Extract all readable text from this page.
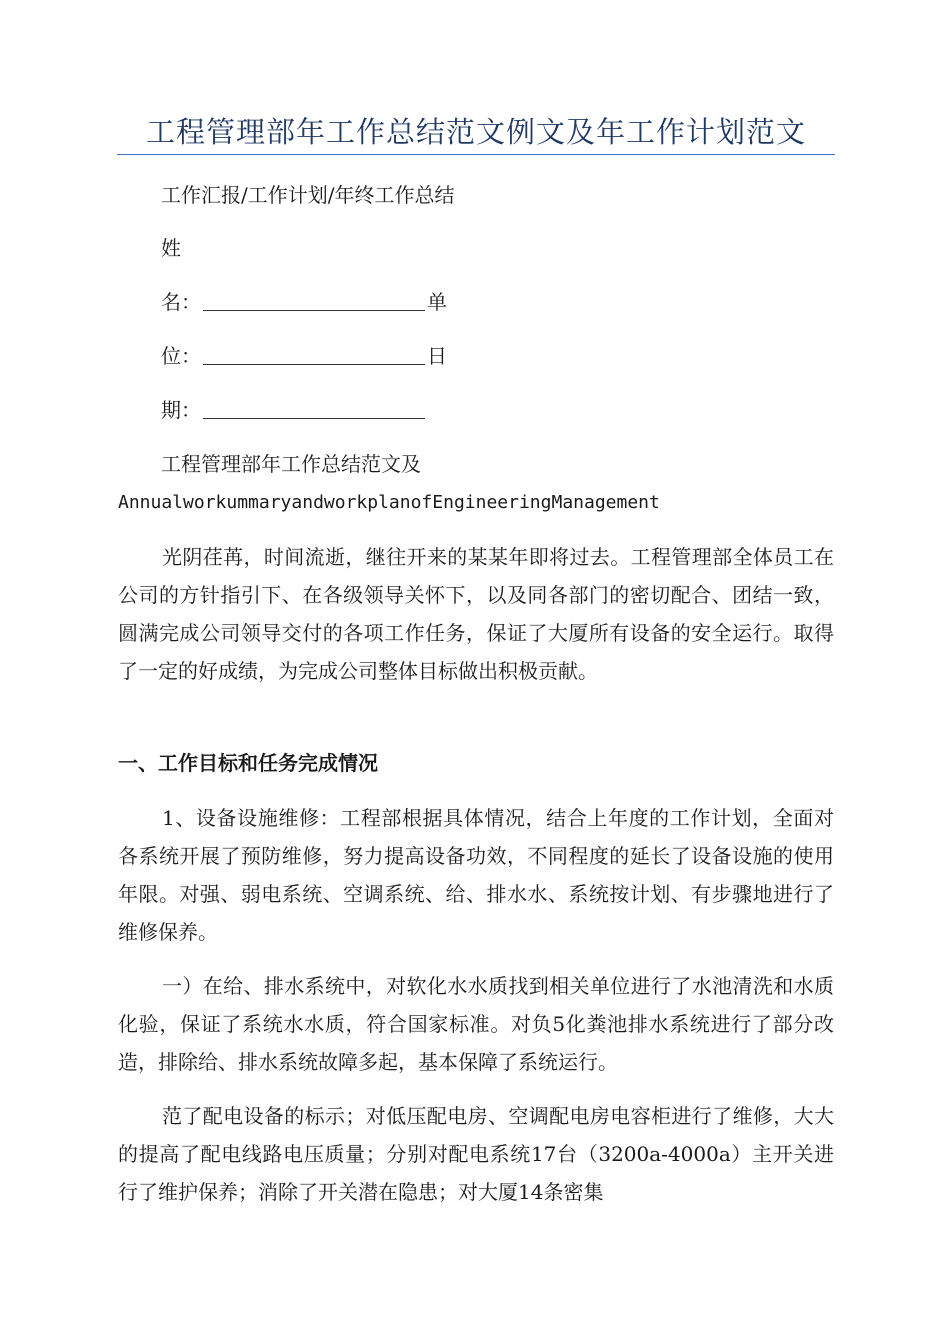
工程管理部年工作总结范文例文及年工作计划范文
工作汇报/工作计划/年终工作总结
姓
名：	单
位：	日
期：
工程管理部年工作总结范文及
AnnualworkummaryandworkplanofEngineeringManagement

光阴荏苒，时间流逝，继往开来的某某年即将过去。工程管理部全体员工在公司的方针指引下、在各级领导关怀下，以及同各部门的密切配合、团结一致，圆满完成公司领导交付的各项工作任务，保证了大厦所有设备的安全运行。取得了一定的好成绩，为完成公司整体目标做出积极贡献。

一、工作目标和任务完成情况

1、设备设施维修：工程部根据具体情况，结合上年度的工作计划，全面对各系统开展了预防维修，努力提高设备功效，不同程度的延长了设备设施的使用年限。对强、弱电系统、空调系统、给、排水水、系统按计划、有步骤地进行了维修保养。

一）在给、排水系统中，对软化水水质找到相关单位进行了水池清洗和水质化验，保证了系统水水质，符合国家标准。对负5化粪池排水系统进行了部分改造，排除给、排水系统故障多起，基本保障了系统运行。

范了配电设备的标示；对低压配电房、空调配电房电容柜进行了维修，大大的提高了配电线路电压质量；分别对配电系统17台（3200a-4000a）主开关进行了维护保养；消除了开关潜在隐患；对大厦14条密集
